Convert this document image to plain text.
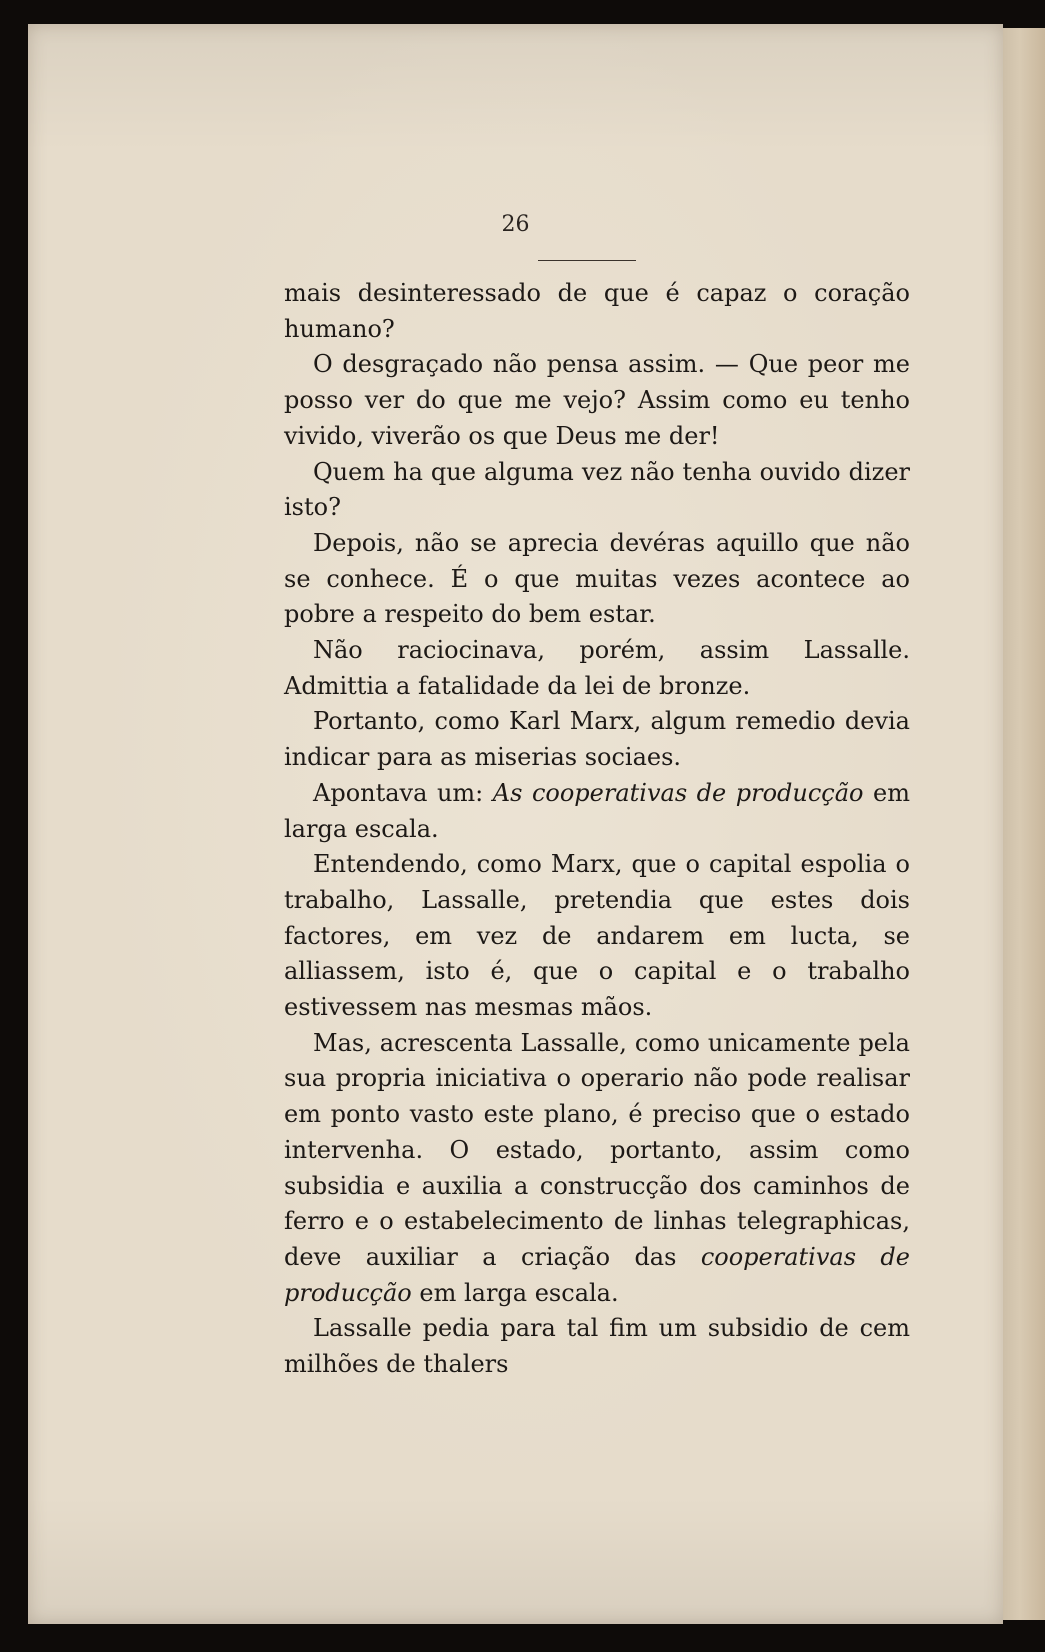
26

mais desinteressado de que é capaz o coração humano?

O desgraçado não pensa assim. — Que peor me posso ver do que me vejo? Assim como eu tenho vivido, viverão os que Deus me der!

Quem ha que alguma vez não tenha ouvido dizer isto?

Depois, não se aprecia devéras aquillo que não se conhece. É o que muitas vezes acontece ao pobre a respeito do bem estar.

Não raciocinava, porém, assim Lassalle. Admittia a fatalidade da lei de bronze.

Portanto, como Karl Marx, algum remedio devia indicar para as miserias sociaes.

Apontava um: As cooperativas de producção em larga escala.

Entendendo, como Marx, que o capital espolia o trabalho, Lassalle, pretendia que estes dois factores, em vez de andarem em lucta, se alliassem, isto é, que o capital e o trabalho estivessem nas mesmas mãos.

Mas, acrescenta Lassalle, como unicamente pela sua propria iniciativa o operario não pode realisar em ponto vasto este plano, é preciso que o estado intervenha. O estado, portanto, assim como subsidia e auxilia a construcção dos caminhos de ferro e o estabelecimento de linhas telegraphicas, deve auxiliar a criação das cooperativas de producção em larga escala.

Lassalle pedia para tal fim um subsidio de cem milhões de thalers
